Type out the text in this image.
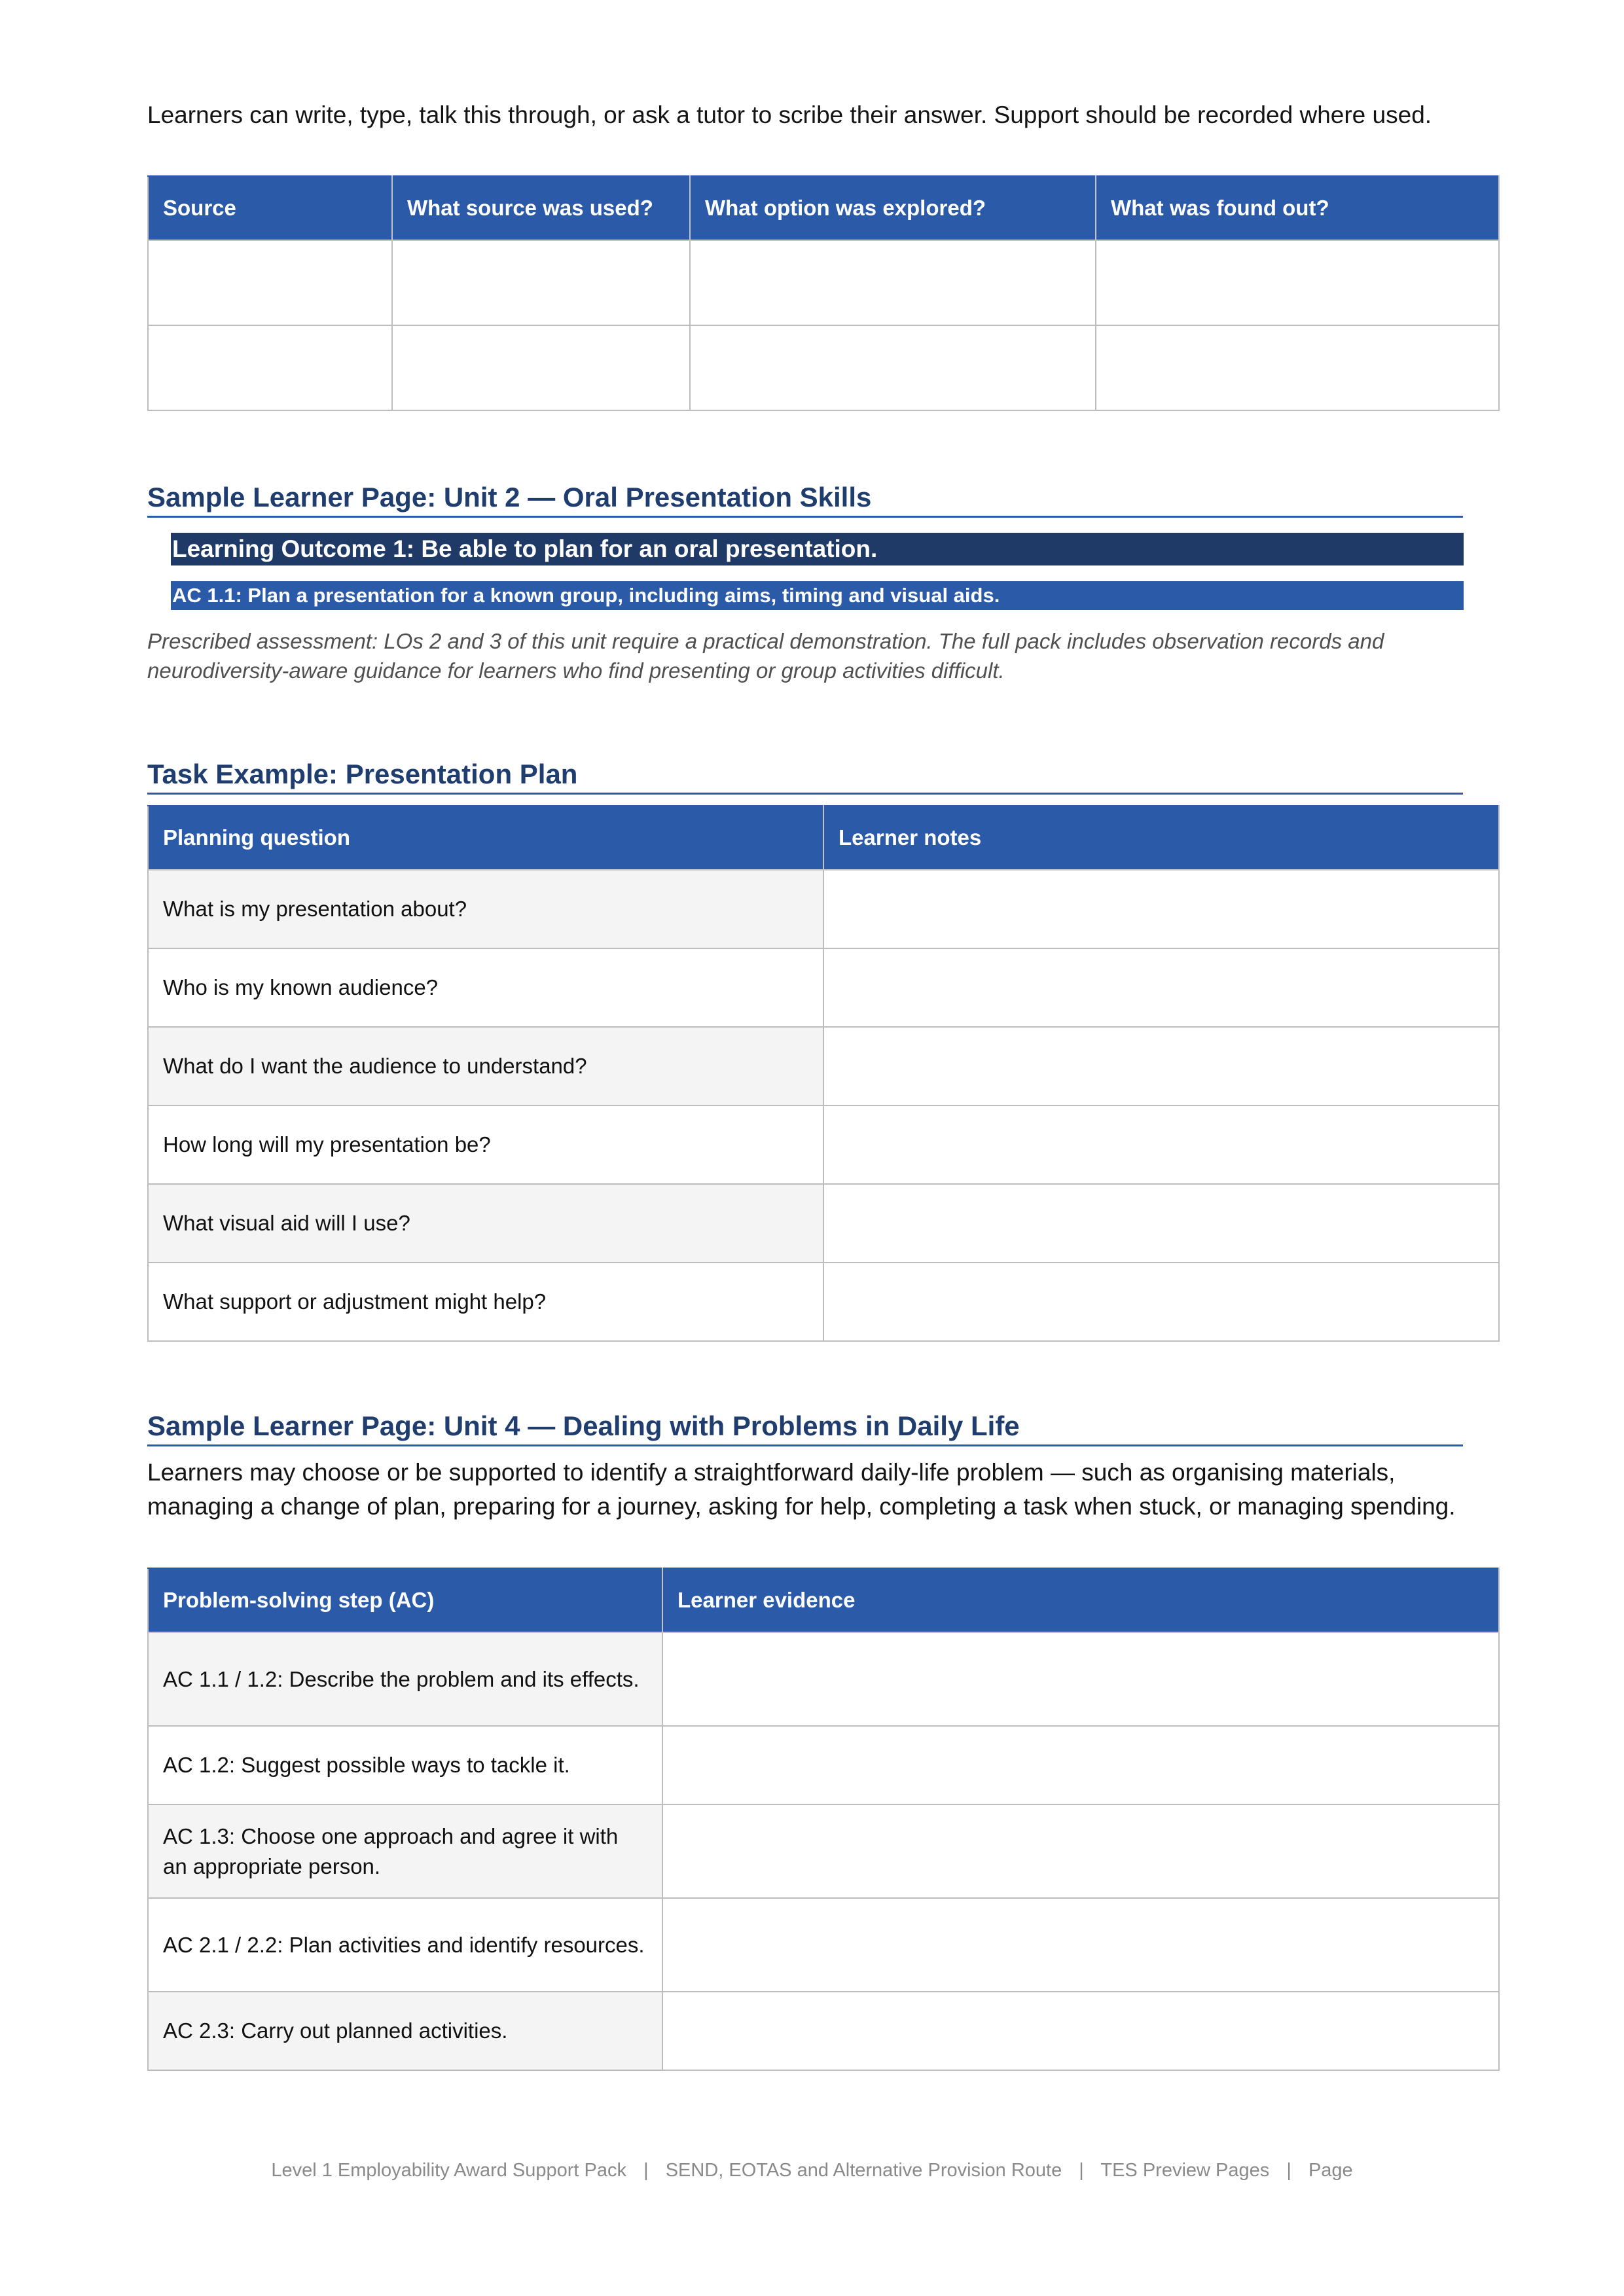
Learners can write, type, talk this through, or ask a tutor to scribe their answer. Support should be recorded where used.

Source	What source was used?	What option was explored?	What was found out?

Sample Learner Page: Unit 2 — Oral Presentation Skills
Learning Outcome 1: Be able to plan for an oral presentation.
AC 1.1: Plan a presentation for a known group, including aims, timing and visual aids.

Prescribed assessment: LOs 2 and 3 of this unit require a practical demonstration. The full pack includes observation records and neurodiversity-aware guidance for learners who find presenting or group activities difficult.

Task Example: Presentation Plan
Planning question	Learner notes
What is my presentation about?	
Who is my known audience?	
What do I want the audience to understand?	
How long will my presentation be?	
What visual aid will I use?	
What support or adjustment might help?	
Sample Learner Page: Unit 4 — Dealing with Problems in Daily Life

Learners may choose or be supported to identify a straightforward daily-life problem — such as organising materials, managing a change of plan, preparing for a journey, asking for help, completing a task when stuck, or managing spending.

Problem-solving step (AC)	Learner evidence
AC 1.1 / 1.2: Describe the problem and its effects.	
AC 1.2: Suggest possible ways to tackle it.	
AC 1.3: Choose one approach and agree it with an appropriate person.	
AC 2.1 / 2.2: Plan activities and identify resources.	
AC 2.3: Carry out planned activities.	
Level 1 Employability Award Support Pack | SEND, EOTAS and Alternative Provision Route | TES Preview Pages | Page
